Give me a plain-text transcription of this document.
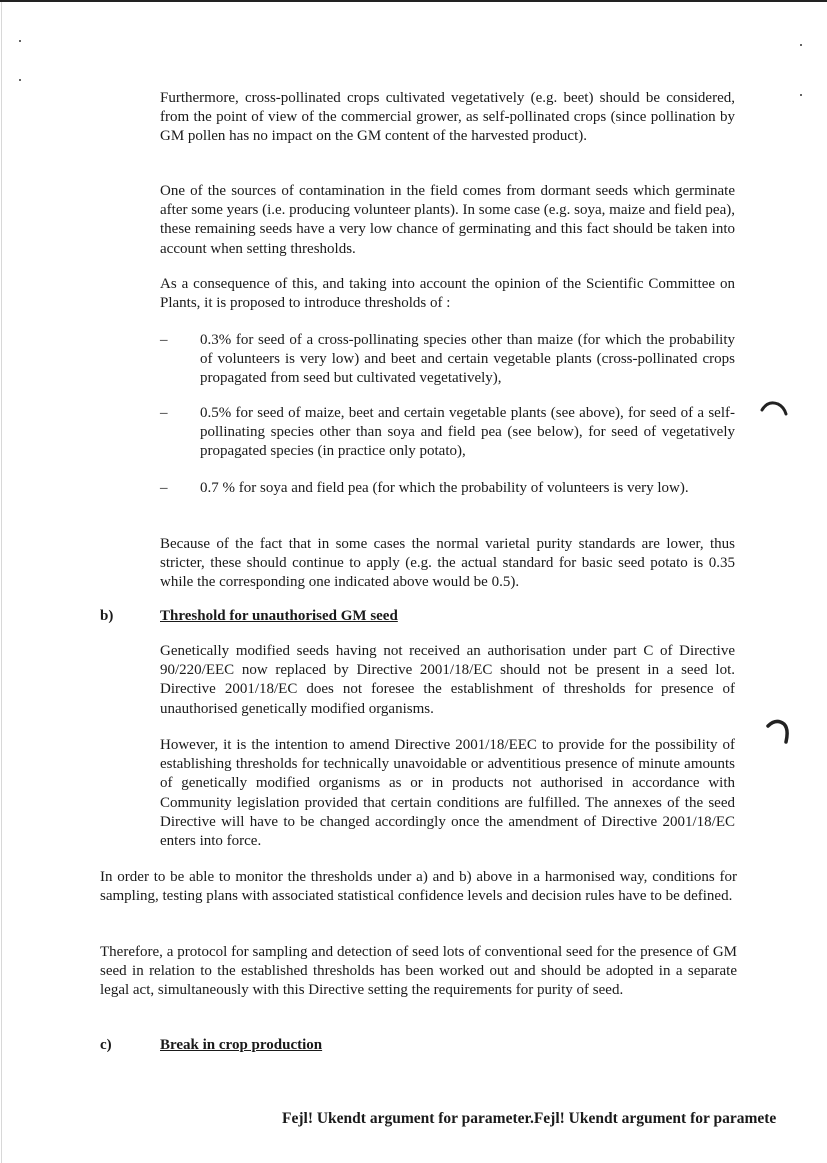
Furthermore, cross-pollinated crops cultivated vegetatively (e.g. beet) should be considered, from the point of view of the commercial grower, as self-pollinated crops (since pollination by GM pollen has no impact on the GM content of the harvested product).

One of the sources of contamination in the field comes from dormant seeds which germinate after some years (i.e. producing volunteer plants). In some case (e.g. soya, maize and field pea), these remaining seeds have a very low chance of germinating and this fact should be taken into account when setting thresholds.

As a consequence of this, and taking into account the opinion of the Scientific Committee on Plants, it is proposed to introduce thresholds of :

– 0.3% for seed of a cross-pollinating species other than maize (for which the probability of volunteers is very low) and beet and certain vegetable plants (cross-pollinated crops propagated from seed but cultivated vegetatively),

– 0.5% for seed of maize, beet and certain vegetable plants (see above), for seed of a self-pollinating species other than soya and field pea (see below), for seed of vegetatively propagated species (in practice only potato),

– 0.7 % for soya and field pea (for which the probability of volunteers is very low).

Because of the fact that in some cases the normal varietal purity standards are lower, thus stricter, these should continue to apply (e.g. the actual standard for basic seed potato is 0.35 while the corresponding one indicated above would be 0.5).

b)	Threshold for unauthorised GM seed

Genetically modified seeds having not received an authorisation under part C of Directive 90/220/EEC now replaced by Directive 2001/18/EC should not be present in a seed lot. Directive 2001/18/EC does not foresee the establishment of thresholds for presence of unauthorised genetically modified organisms.

However, it is the intention to amend Directive 2001/18/EEC to provide for the possibility of establishing thresholds for technically unavoidable or adventitious presence of minute amounts of genetically modified organisms as or in products not authorised in accordance with Community legislation provided that certain conditions are fulfilled. The annexes of the seed Directive will have to be changed accordingly once the amendment of Directive 2001/18/EC enters into force.

In order to be able to monitor the thresholds under a) and b) above in a harmonised way, conditions for sampling, testing plans with associated statistical confidence levels and decision rules have to be defined.

Therefore, a protocol for sampling and detection of seed lots of conventional seed for the presence of GM seed in relation to the established thresholds has been worked out and should be adopted in a separate legal act, simultaneously with this Directive setting the requirements for purity of seed.

c)	Break in crop production
Fejl! Ukendt argument for parameter.Fejl! Ukendt argument for paramete
